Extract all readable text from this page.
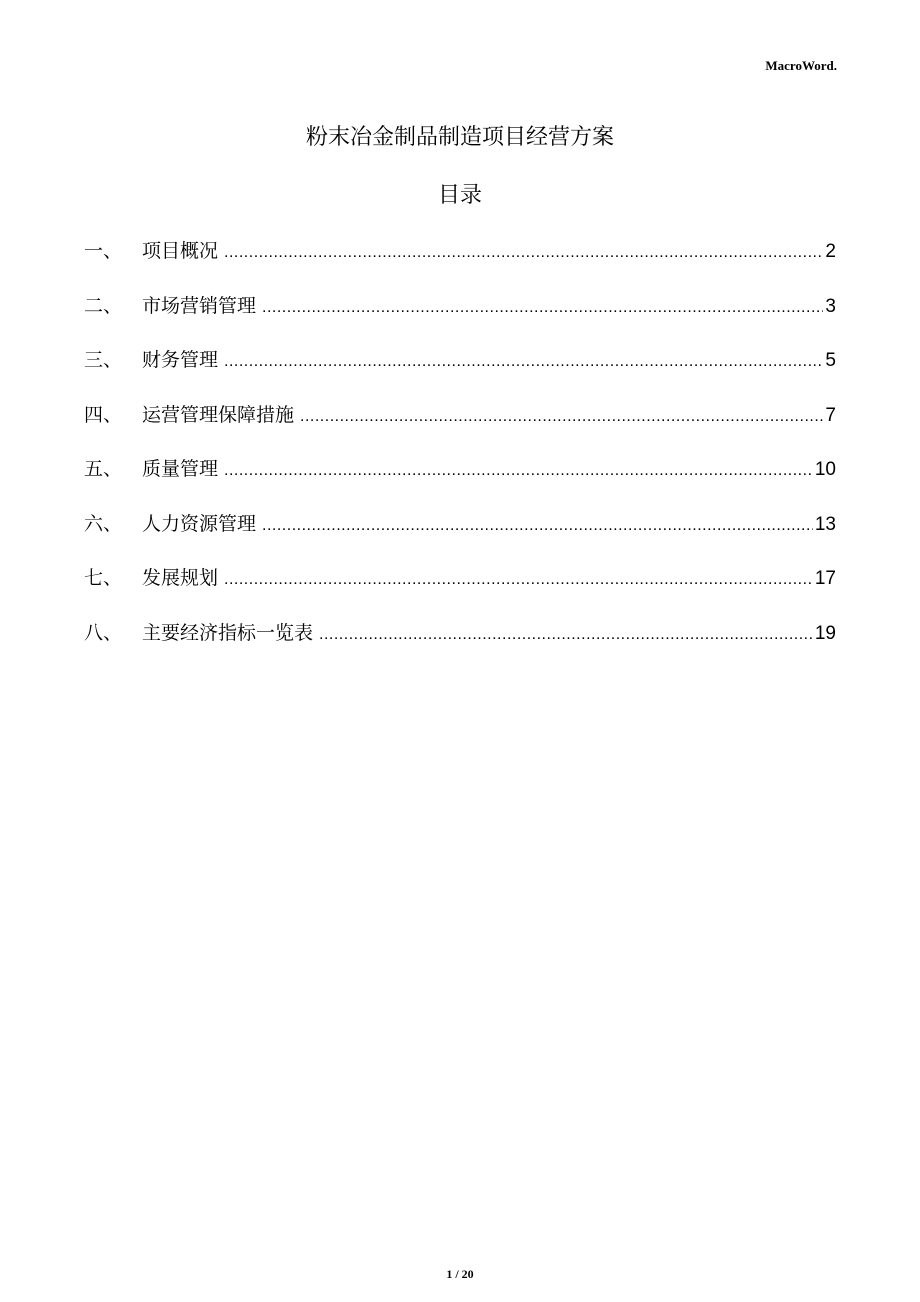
MacroWord.
粉末冶金制品制造项目经营方案
目录
一、	项目概况 .....	2
二、	市场营销管理 .....	3
三、	财务管理 .....	5
四、	运营管理保障措施 .....	7
五、	质量管理 .....	10
六、	人力资源管理 .....	13
七、	发展规划 .....	17
八、	主要经济指标一览表 .....	19
1 / 20
